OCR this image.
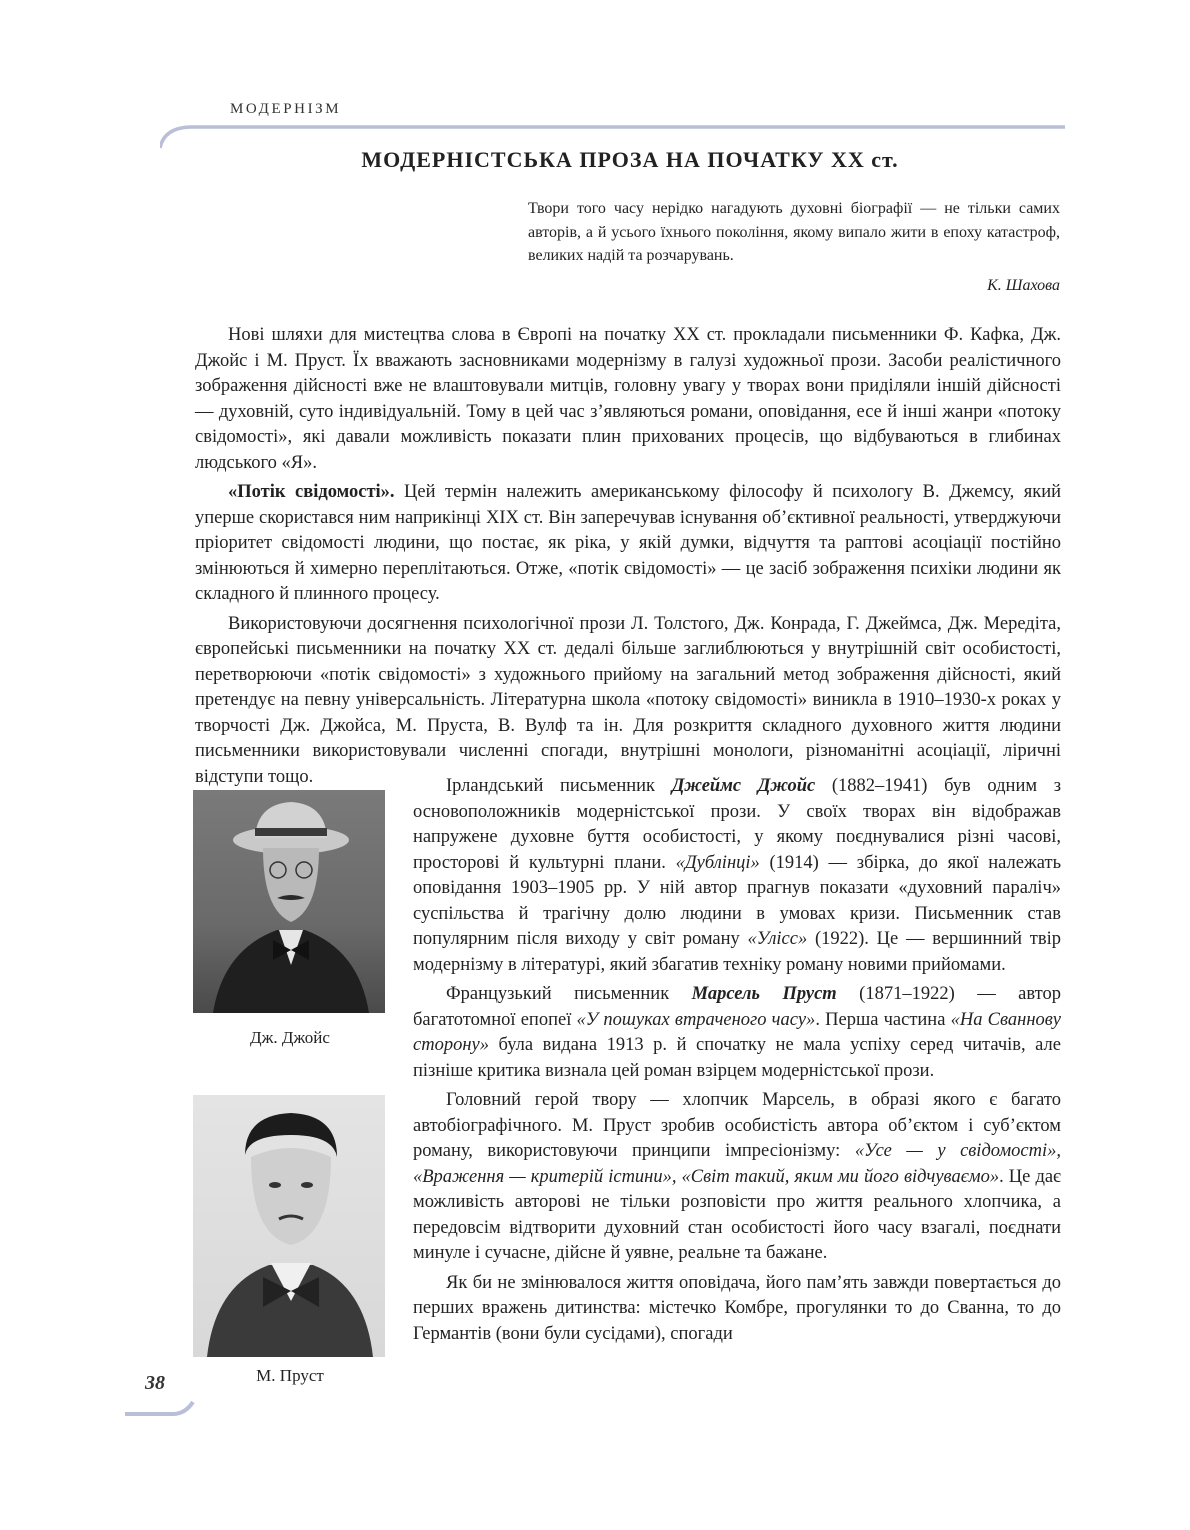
МОДЕРНІЗМ
МОДЕРНІСТСЬКА ПРОЗА НА ПОЧАТКУ XX ст.

Твори того часу нерідко нагадують духовні біографії — не тільки самих авторів, а й усього їхнього покоління, якому випало жити в епоху катастроф, великих надій та розчарувань.

К. Шахова

Нові шляхи для мистецтва слова в Європі на початку XX ст. прокладали письменники Ф. Кафка, Дж. Джойс і М. Пруст. Їх вважають засновниками модернізму в галузі художньої прози. Засоби реалістичного зображення дійсності вже не влаштовували митців, головну увагу у творах вони приділяли іншій дійсності — духовній, суто індивідуальній. Тому в цей час з’являються романи, оповідання, есе й інші жанри «потоку свідомості», які давали можливість показати плин прихованих процесів, що відбуваються в глибинах людського «Я».

«Потік свідомості». Цей термін належить американському філософу й психологу В. Джемсу, який уперше скористався ним наприкінці XIX ст. Він заперечував існування об’єктивної реальності, утверджуючи пріоритет свідомості людини, що постає, як ріка, у якій думки, відчуття та раптові асоціації постійно змінюються й химерно переплітаються. Отже, «потік свідомості» — це засіб зображення психіки людини як складного й плинного процесу.

Використовуючи досягнення психологічної прози Л. Толстого, Дж. Конрада, Г. Джеймса, Дж. Мередіта, європейські письменники на початку XX ст. дедалі більше заглиблюються у внутрішній світ особистості, перетворюючи «потік свідомості» з художнього прийому на загальний метод зображення дійсності, який претендує на певну універсальність. Літературна школа «потоку свідомості» виникла в 1910–1930-х роках у творчості Дж. Джойса, М. Пруста, В. Вулф та ін. Для розкриття складного духовного життя людини письменники використовували численні спогади, внутрішні монологи, різноманітні асоціації, ліричні відступи тощо.

Дж. Джойс
М. Пруст

Ірландський письменник Джеймс Джойс (1882–1941) був одним з основоположників модерністської прози. У своїх творах він відображав напружене духовне буття особистості, у якому поєднувалися різні часові, просторові й культурні плани. «Дублінці» (1914) — збірка, до якої належать оповідання 1903–1905 рр. У ній автор прагнув показати «духовний параліч» суспільства й трагічну долю людини в умовах кризи. Письменник став популярним після виходу у світ роману «Улісс» (1922). Це — вершинний твір модернізму в літературі, який збагатив техніку роману новими прийомами.

Французький письменник Марсель Пруст (1871–1922) — автор багатотомної епопеї «У пошуках втраченого часу». Перша частина «На Сваннову сторону» була видана 1913 р. й спочатку не мала успіху серед читачів, але пізніше критика визнала цей роман взірцем модерністської прози.

Головний герой твору — хлопчик Марсель, в образі якого є багато автобіографічного. М. Пруст зробив особистість автора об’єктом і суб’єктом роману, використовуючи принципи імпресіонізму: «Усе — у свідомості», «Враження — критерій істини», «Світ такий, яким ми його відчуваємо». Це дає можливість авторові не тільки розповісти про життя реального хлопчика, а передовсім відтворити духовний стан особистості його часу взагалі, поєднати минуле і сучасне, дійсне й уявне, реальне та бажане.

Як би не змінювалося життя оповідача, його пам’ять завжди повертається до перших вражень дитинства: містечко Комбре, прогулянки то до Сванна, то до Германтів (вони були сусідами), спогади

38
